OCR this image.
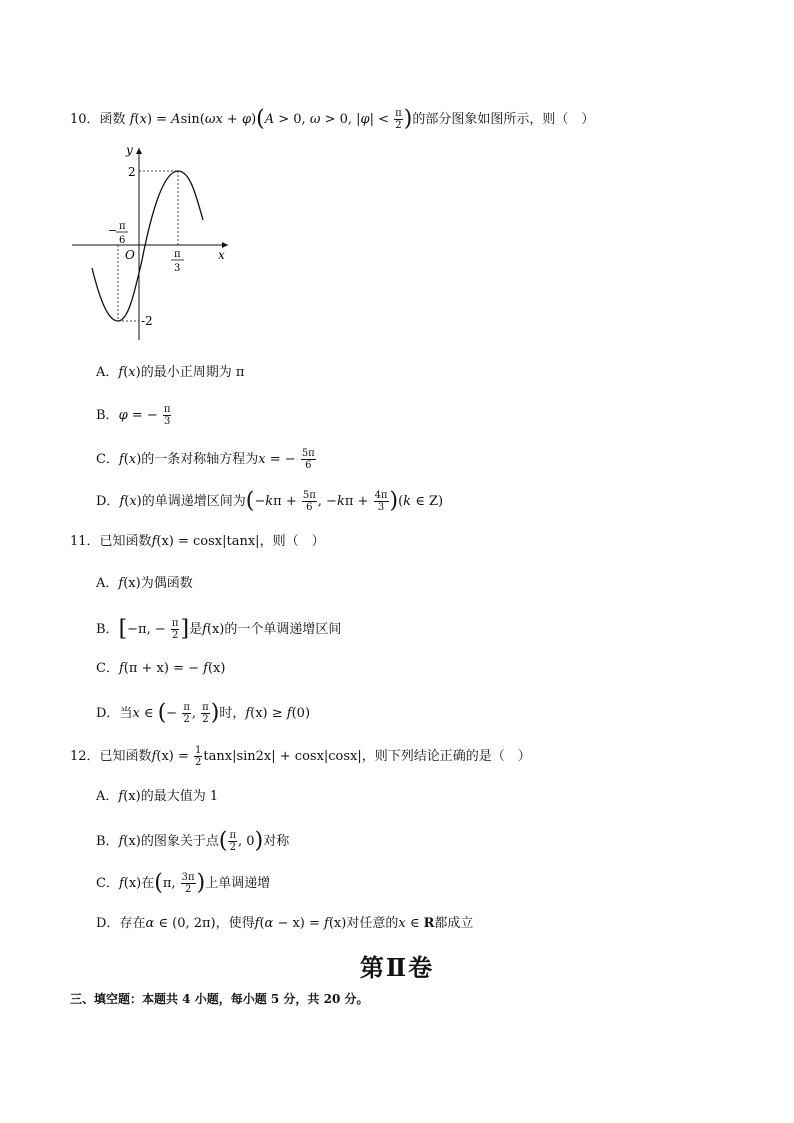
10．函数 f(x) = Asin(ωx + φ)(A > 0, ω > 0, $|\varphi| < \frac{\pi}{2}$ )的部分图象如图所示，则（　）
y
x
O
2
-2
− π
6
π
3
A．f(x)的最小正周期为 π
B．φ = − $\frac{\pi}{3}$
C．f(x)的一条对称轴方程为x = − $\frac{5\pi}{6}$
D．f(x)的单调递增区间为($-k\pi + \frac{5\pi}{6}$ , $-k\pi + \frac{4\pi}{3} )(k$ ∈ Z)
11．已知函数f(x) = cosx|tanx|，则（　）
A．f(x)为偶函数
B．[−π, − $\frac{\pi}{2}$ ]是f(x)的一个单调递增区间
C．f(π + x) = − f(x)
D．当x ∈ (− $\frac{\pi}{2}$ , $\frac{\pi}{2}$ )时，f(x) ≥ f(0)
12．已知函数$f(x) = \frac{1}{2} \tan x|\sin 2x| + \cos x|\cos x|$，则下列结论正确的是（　）
A．f(x)的最大值为 1
B．f(x)的图象关于点( $\frac{\pi}{2}$ , 0)对称
C．f(x)在(π, $\frac{3\pi}{2}$ )上单调递增
D．存在α ∈ (0, 2π)，使得f(α − x) = f(x)对任意的x ∈ R都成立
第Ⅱ卷
三、填空题：本题共 4 小题，每小题 5 分，共 20 分。
